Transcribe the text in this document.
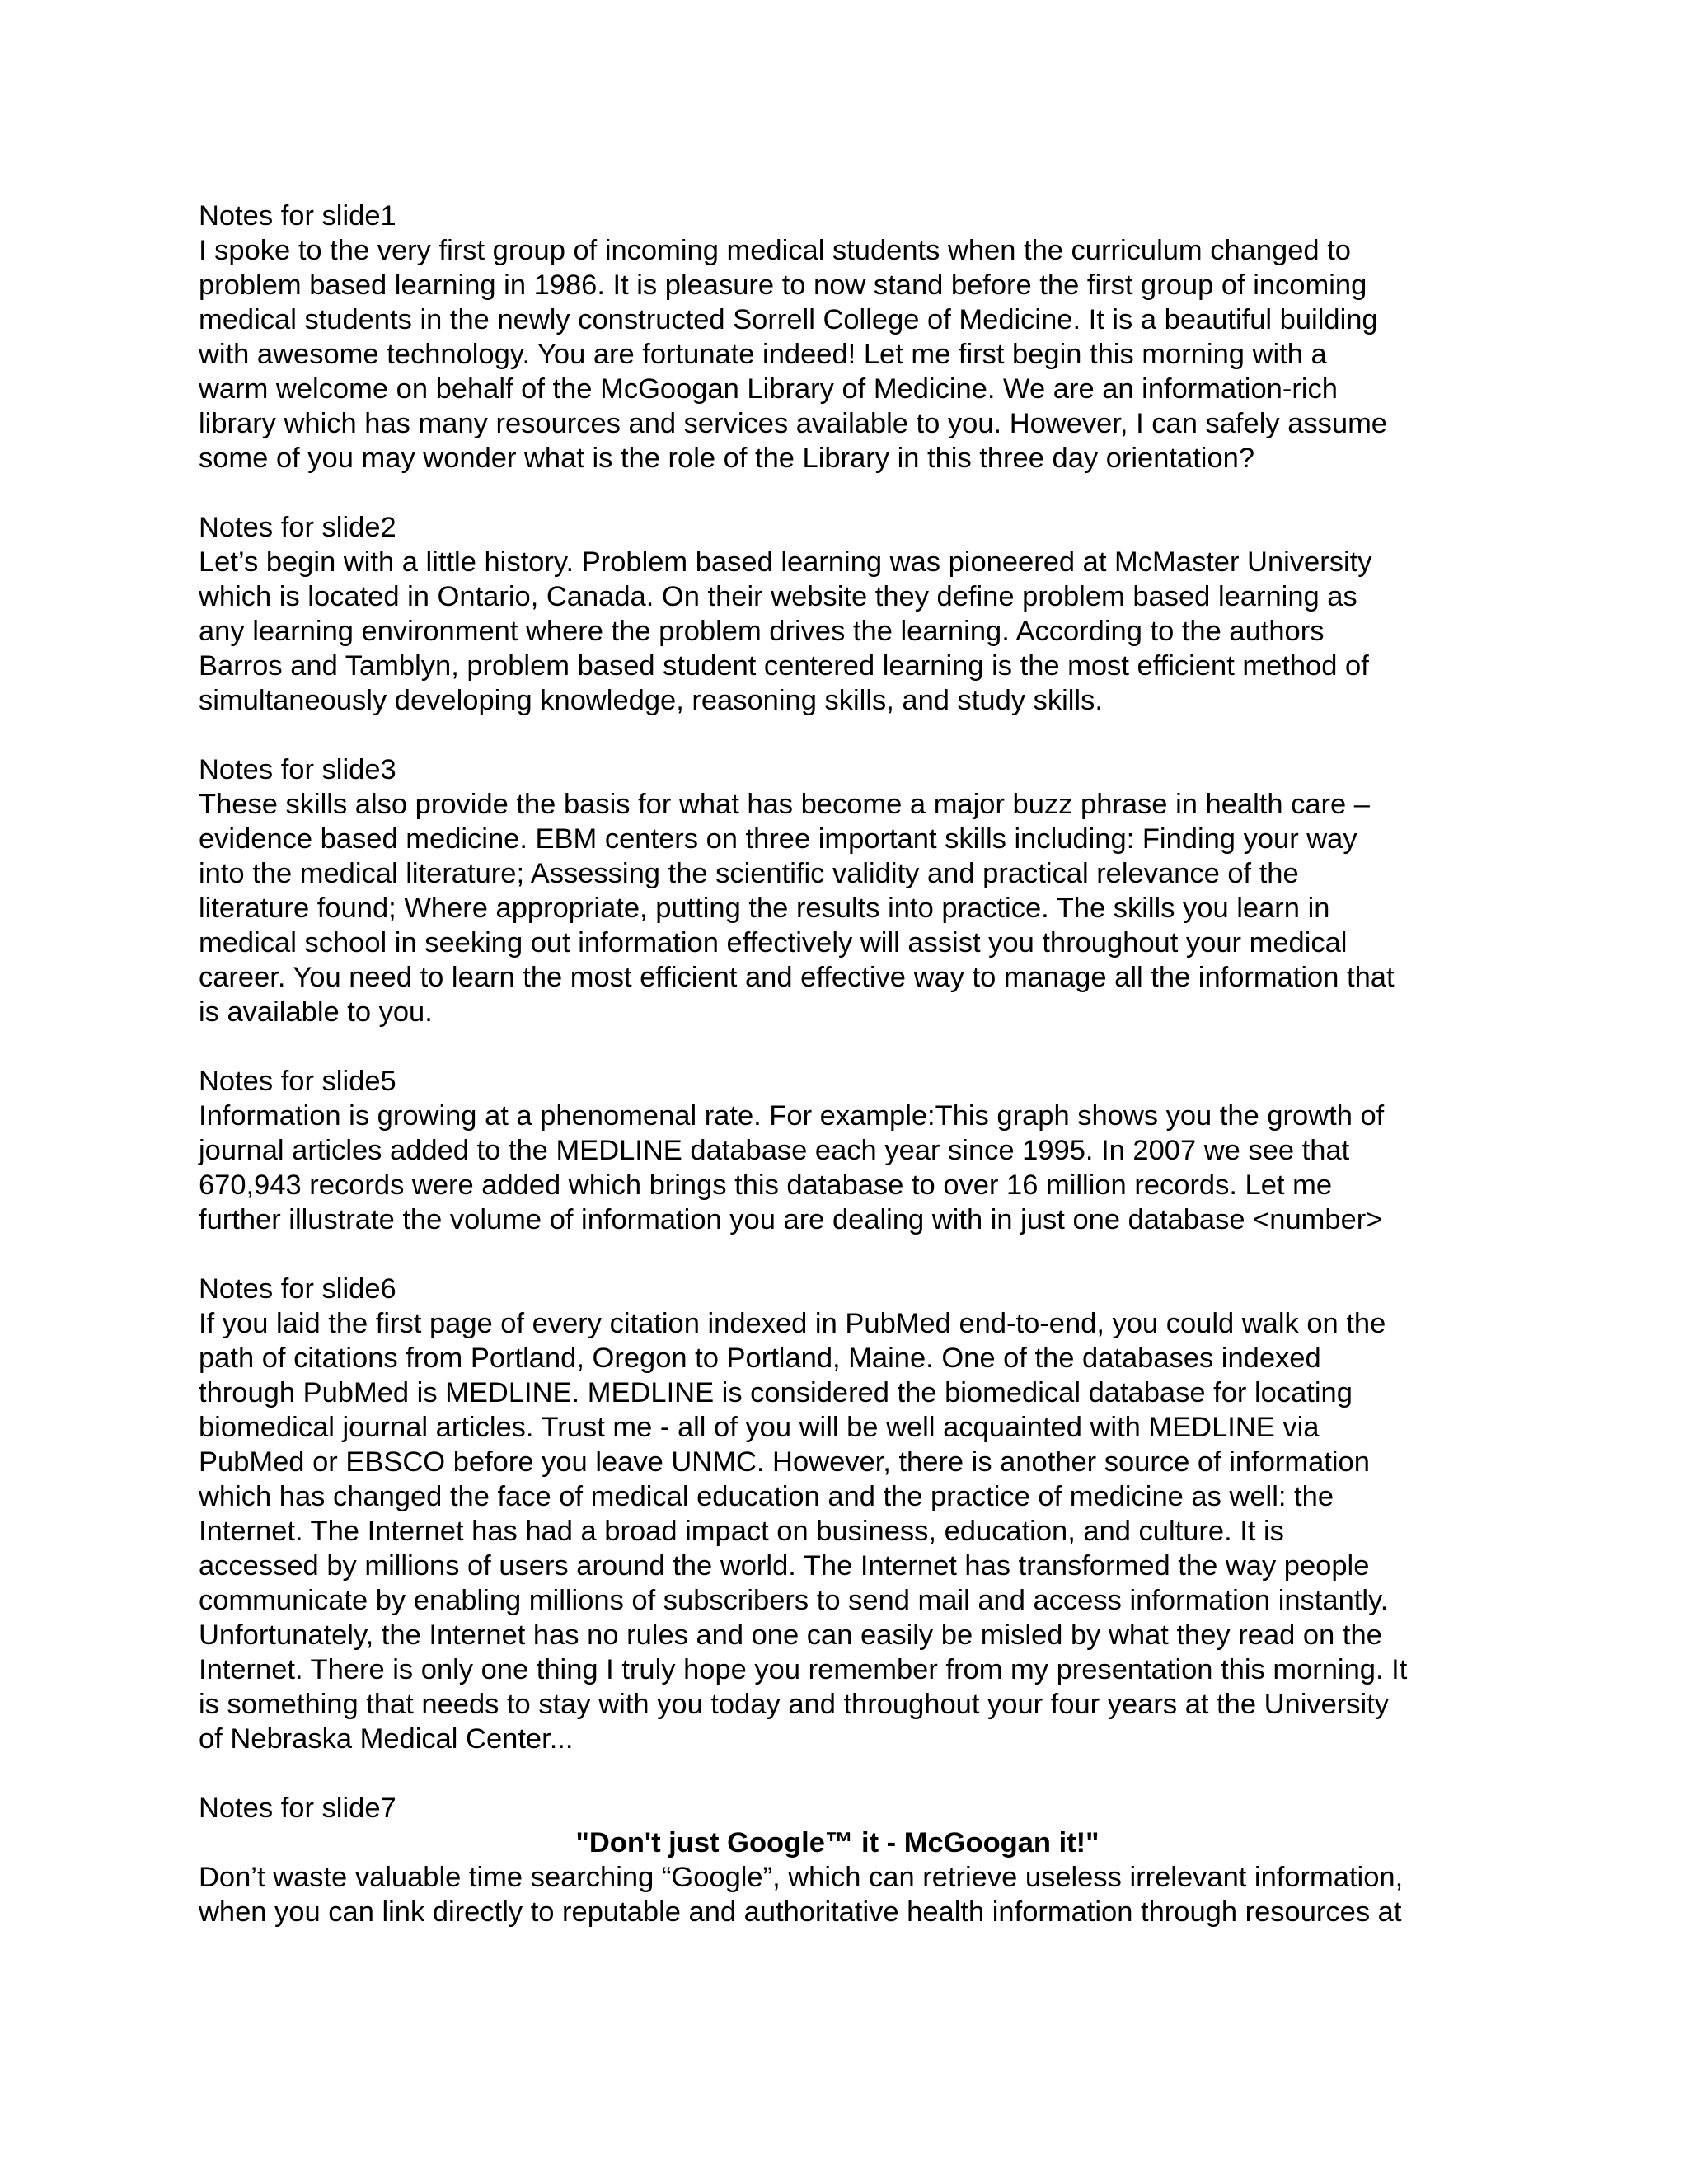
Notes for slide1
I spoke to the very first group of incoming medical students when the curriculum changed to
problem based learning in 1986. It is pleasure to now stand before the first group of incoming
medical students in the newly constructed Sorrell College of Medicine. It is a beautiful building
with awesome technology. You are fortunate indeed! Let me first begin this morning with a
warm welcome on behalf of the McGoogan Library of Medicine. We are an information-rich
library which has many resources and services available to you. However, I can safely assume
some of you may wonder what is the role of the Library in this three day orientation?
Notes for slide2
Let’s begin with a little history. Problem based learning was pioneered at McMaster University
which is located in Ontario, Canada. On their website they define problem based learning as
any learning environment where the problem drives the learning. According to the authors
Barros and Tamblyn, problem based student centered learning is the most efficient method of
simultaneously developing knowledge, reasoning skills, and study skills.
Notes for slide3
These skills also provide the basis for what has become a major buzz phrase in health care –
evidence based medicine. EBM centers on three important skills including: Finding your way
into the medical literature; Assessing the scientific validity and practical relevance of the
literature found; Where appropriate, putting the results into practice. The skills you learn in
medical school in seeking out information effectively will assist you throughout your medical
career. You need to learn the most efficient and effective way to manage all the information that
is available to you.
Notes for slide5
Information is growing at a phenomenal rate. For example:This graph shows you the growth of
journal articles added to the MEDLINE database each year since 1995. In 2007 we see that
670,943 records were added which brings this database to over 16 million records. Let me
further illustrate the volume of information you are dealing with in just one database <number>
Notes for slide6
If you laid the first page of every citation indexed in PubMed end-to-end, you could walk on the
path of citations from Portland, Oregon to Portland, Maine. One of the databases indexed
through PubMed is MEDLINE. MEDLINE is considered the biomedical database for locating
biomedical journal articles. Trust me - all of you will be well acquainted with MEDLINE via
PubMed or EBSCO before you leave UNMC. However, there is another source of information
which has changed the face of medical education and the practice of medicine as well: the
Internet. The Internet has had a broad impact on business, education, and culture. It is
accessed by millions of users around the world. The Internet has transformed the way people
communicate by enabling millions of subscribers to send mail and access information instantly.
Unfortunately, the Internet has no rules and one can easily be misled by what they read on the
Internet. There is only one thing I truly hope you remember from my presentation this morning. It
is something that needs to stay with you today and throughout your four years at the University
of Nebraska Medical Center...
Notes for slide7
"Don't just Google™ it - McGoogan it!"
Don’t waste valuable time searching “Google”, which can retrieve useless irrelevant information,
when you can link directly to reputable and authoritative health information through resources at
